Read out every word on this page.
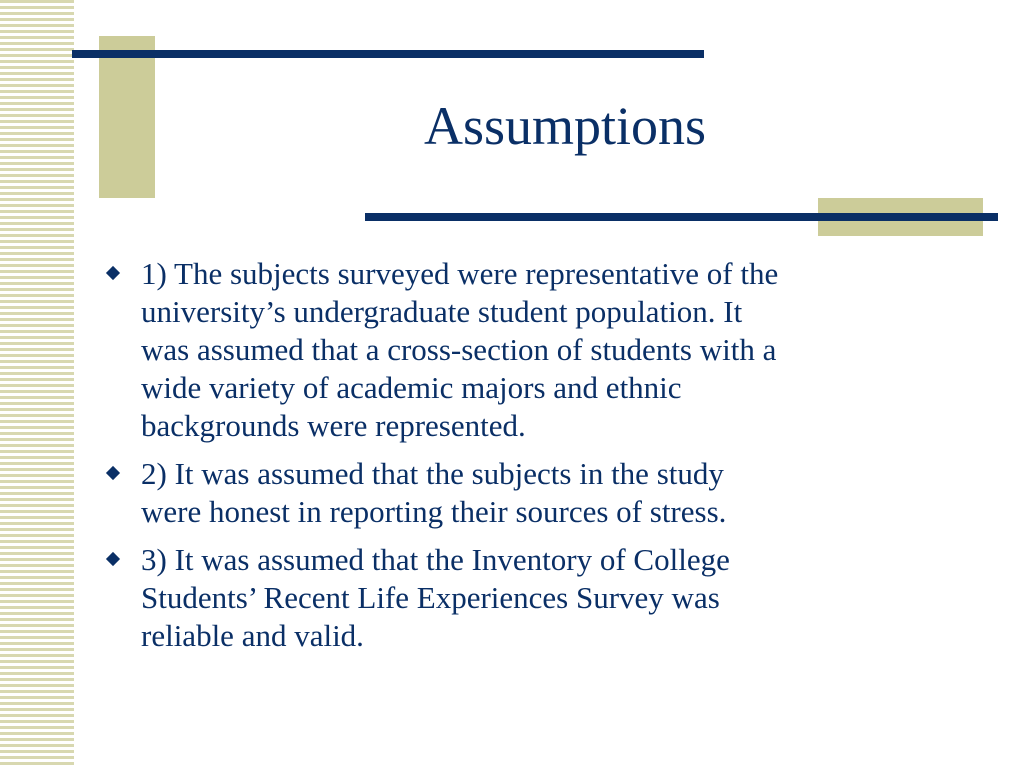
Assumptions
1) The subjects surveyed were representative of the
university’s undergraduate student population. It
was assumed that a cross-section of students with a
wide variety of academic majors and ethnic
backgrounds were represented.
2) It was assumed that the subjects in the study
were honest in reporting their sources of stress.
3) It was assumed that the Inventory of College
Students’ Recent Life Experiences Survey was
reliable and valid.
